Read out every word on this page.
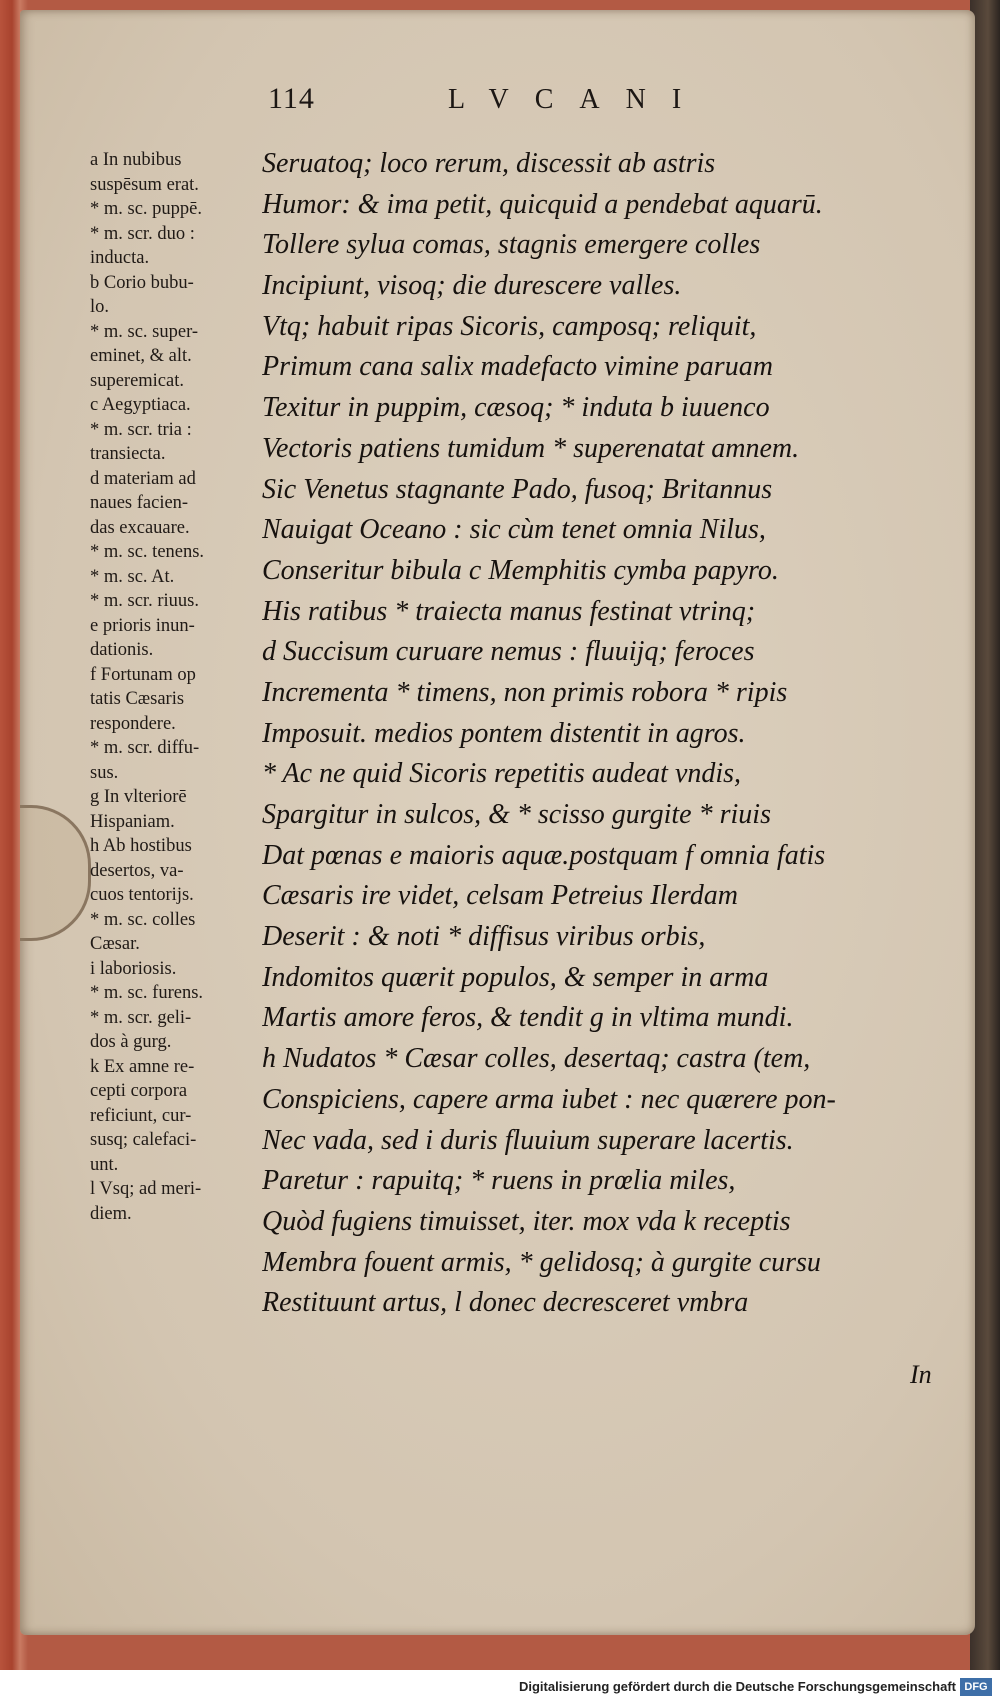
114	LVCANI
a In nubibus
suspēsum erat.
* m. sc. puppē.
* m. scr. duo :
inducta.
b Corio bubu-
lo.
* m. sc. super-
eminet, & alt.
superemicat.
c Aegyptiaca.
* m. scr. tria :
transiecta.
d materiam ad
naues facien-
das excauare.
* m. sc. tenens.
* m. sc. At.
* m. scr. riuus.
e prioris inun-
dationis.
f Fortunam op
tatis Cæsaris
respondere.
* m. scr. diffu-
sus.
g In vlteriorē
Hispaniam.
h Ab hostibus
desertos, va-
cuos tentorijs.
* m. sc. colles
Cæsar.
i laboriosis.
* m. sc. furens.
* m. scr. geli-
dos à gurg.
k Ex amne re-
cepti corpora
reficiunt, cur-
susq; calefaci-
unt.
l Vsq; ad meri-
diem.
Seruatoq; loco rerum, discessit ab astris
Humor: & ima petit, quicquid a pendebat aquarū.
Tollere sylua comas, stagnis emergere colles
Incipiunt, visoq; die durescere valles.
Vtq; habuit ripas Sicoris, camposq; reliquit,
Primum cana salix madefacto vimine paruam
Texitur in puppim, cæsoq; * induta b iuuenco
Vectoris patiens tumidum * superenatat amnem.
Sic Venetus stagnante Pado, fusoq; Britannus
Nauigat Oceano : sic cùm tenet omnia Nilus,
Conseritur bibula c Memphitis cymba papyro.
His ratibus * traiecta manus festinat vtrinq;
d Succisum curuare nemus : fluuijq; feroces
Incrementa * timens, non primis robora * ripis
Imposuit. medios pontem distentit in agros.
* Ac ne quid Sicoris repetitis audeat vndis,
Spargitur in sulcos, & * scisso gurgite * riuis
Dat pœnas e maioris aquæ.postquam f omnia fatis
Cæsaris ire videt, celsam Petreius Ilerdam
Deserit : & noti * diffisus viribus orbis,
Indomitos quærit populos, & semper in arma
Martis amore feros, & tendit g in vltima mundi.
h Nudatos * Cæsar colles, desertaq; castra (tem,
Conspiciens, capere arma iubet : nec quærere pon-
Nec vada, sed i duris fluuium superare lacertis.
Paretur : rapuitq; * ruens in prœlia miles,
Quòd fugiens timuisset, iter. mox vda k receptis
Membra fouent armis, * gelidosq; à gurgite cursu
Restituunt artus, l donec decresceret vmbra
In
Digitalisierung gefördert durch die Deutsche Forschungsgemeinschaft DFG
